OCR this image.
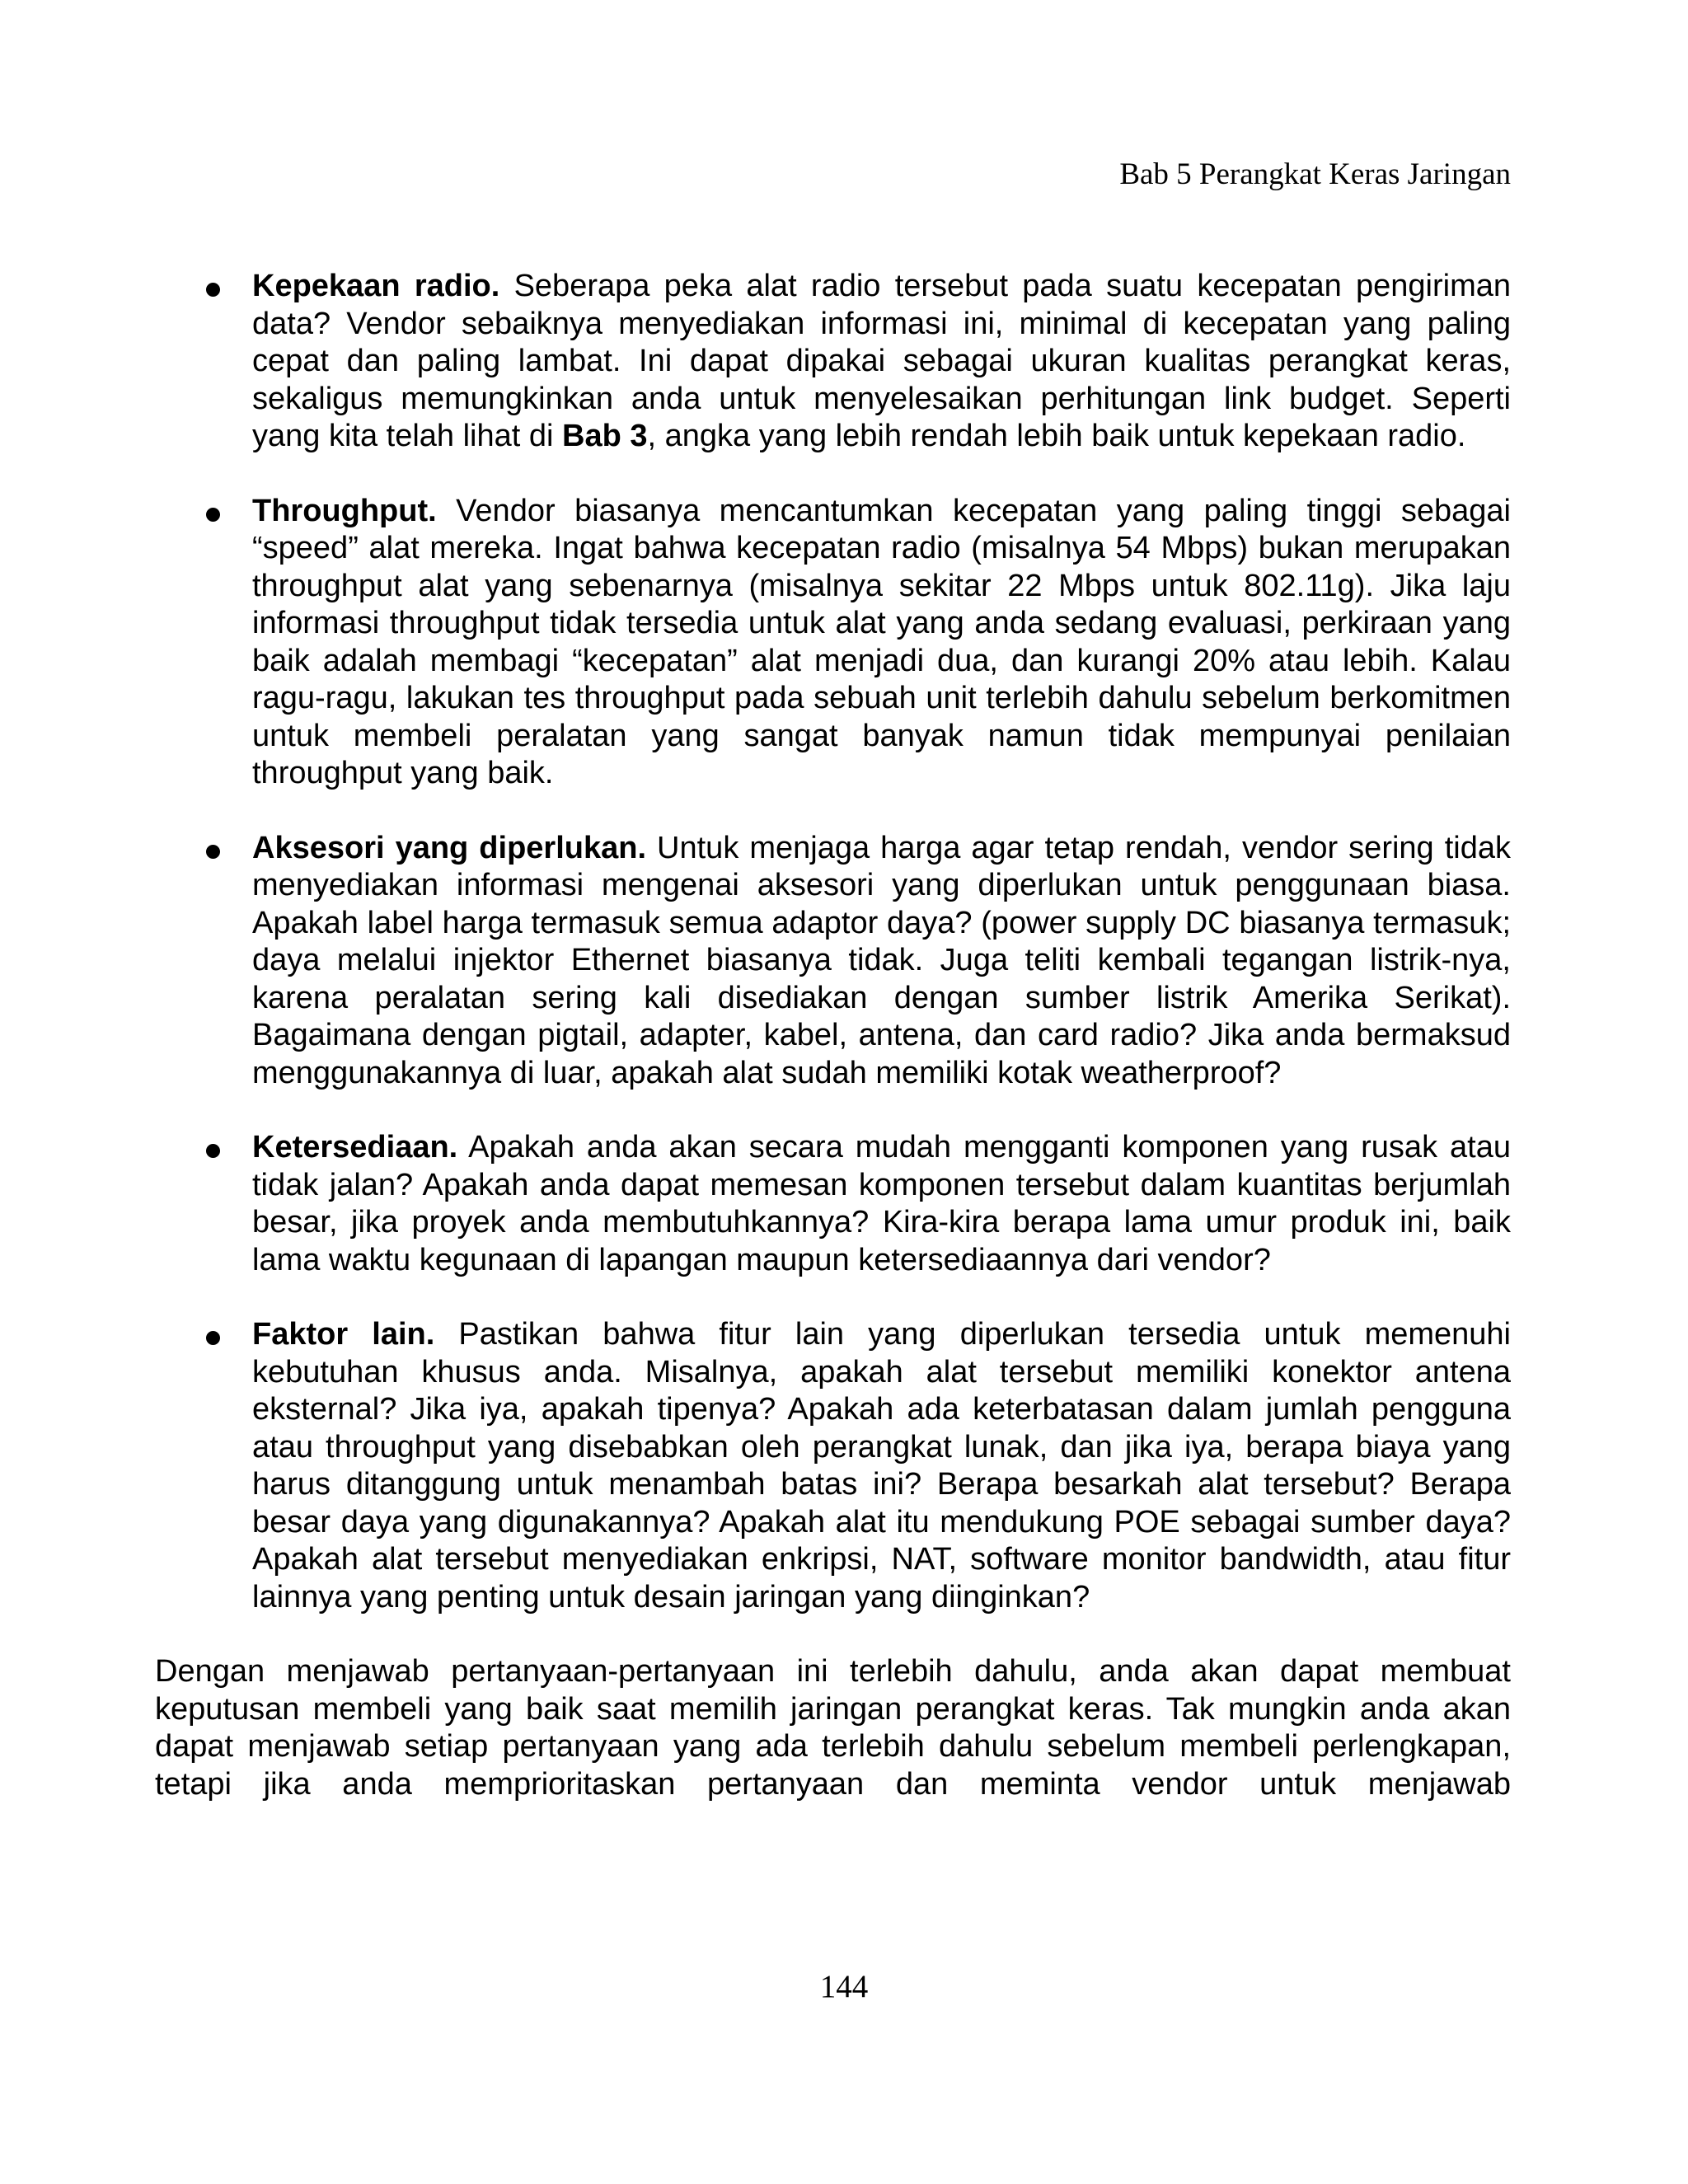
Bab 5 Perangkat Keras Jaringan
Kepekaan radio. Seberapa peka alat radio tersebut pada suatu kecepatan pengiriman data? Vendor sebaiknya menyediakan informasi ini, minimal di kecepatan yang paling cepat dan paling lambat. Ini dapat dipakai sebagai ukuran kualitas perangkat keras, sekaligus memungkinkan anda untuk menyelesaikan perhitungan link budget. Seperti yang kita telah lihat di Bab 3, angka yang lebih rendah lebih baik untuk kepekaan radio.
Throughput. Vendor biasanya mencantumkan kecepatan yang paling tinggi sebagai “speed” alat mereka. Ingat bahwa kecepatan radio (misalnya 54 Mbps) bukan merupakan throughput alat yang sebenarnya (misalnya sekitar 22 Mbps untuk 802.11g). Jika laju informasi throughput tidak tersedia untuk alat yang anda sedang evaluasi, perkiraan yang baik adalah membagi “kecepatan” alat menjadi dua, dan kurangi 20% atau lebih. Kalau ragu-ragu, lakukan tes throughput pada sebuah unit terlebih dahulu sebelum berkomitmen untuk membeli peralatan yang sangat banyak namun tidak mempunyai penilaian throughput yang baik.
Aksesori yang diperlukan. Untuk menjaga harga agar tetap rendah, vendor sering tidak menyediakan informasi mengenai aksesori yang diperlukan untuk penggunaan biasa. Apakah label harga termasuk semua adaptor daya? (power supply DC biasanya termasuk; daya melalui injektor Ethernet biasanya tidak. Juga teliti kembali tegangan listrik-nya, karena peralatan sering kali disediakan dengan sumber listrik Amerika Serikat). Bagaimana dengan pigtail, adapter, kabel, antena, dan card radio? Jika anda bermaksud menggunakannya di luar, apakah alat sudah memiliki kotak weatherproof?
Ketersediaan. Apakah anda akan secara mudah mengganti komponen yang rusak atau tidak jalan? Apakah anda dapat memesan komponen tersebut dalam kuantitas berjumlah besar, jika proyek anda membutuhkannya? Kira-kira berapa lama umur produk ini, baik lama waktu kegunaan di lapangan maupun ketersediaannya dari vendor?
Faktor lain. Pastikan bahwa fitur lain yang diperlukan tersedia untuk memenuhi kebutuhan khusus anda. Misalnya, apakah alat tersebut memiliki konektor antena eksternal? Jika iya, apakah tipenya? Apakah ada keterbatasan dalam jumlah pengguna atau throughput yang disebabkan oleh perangkat lunak, dan jika iya, berapa biaya yang harus ditanggung untuk menambah batas ini? Berapa besarkah alat tersebut? Berapa besar daya yang digunakannya? Apakah alat itu mendukung POE sebagai sumber daya? Apakah alat tersebut menyediakan enkripsi, NAT, software monitor bandwidth, atau fitur lainnya yang penting untuk desain jaringan yang diinginkan?

Dengan menjawab pertanyaan-pertanyaan ini terlebih dahulu, anda akan dapat membuat keputusan membeli yang baik saat memilih jaringan perangkat keras. Tak mungkin anda akan dapat menjawab setiap pertanyaan yang ada terlebih dahulu sebelum membeli perlengkapan, tetapi jika anda memprioritaskan pertanyaan dan meminta vendor untuk menjawab

144
